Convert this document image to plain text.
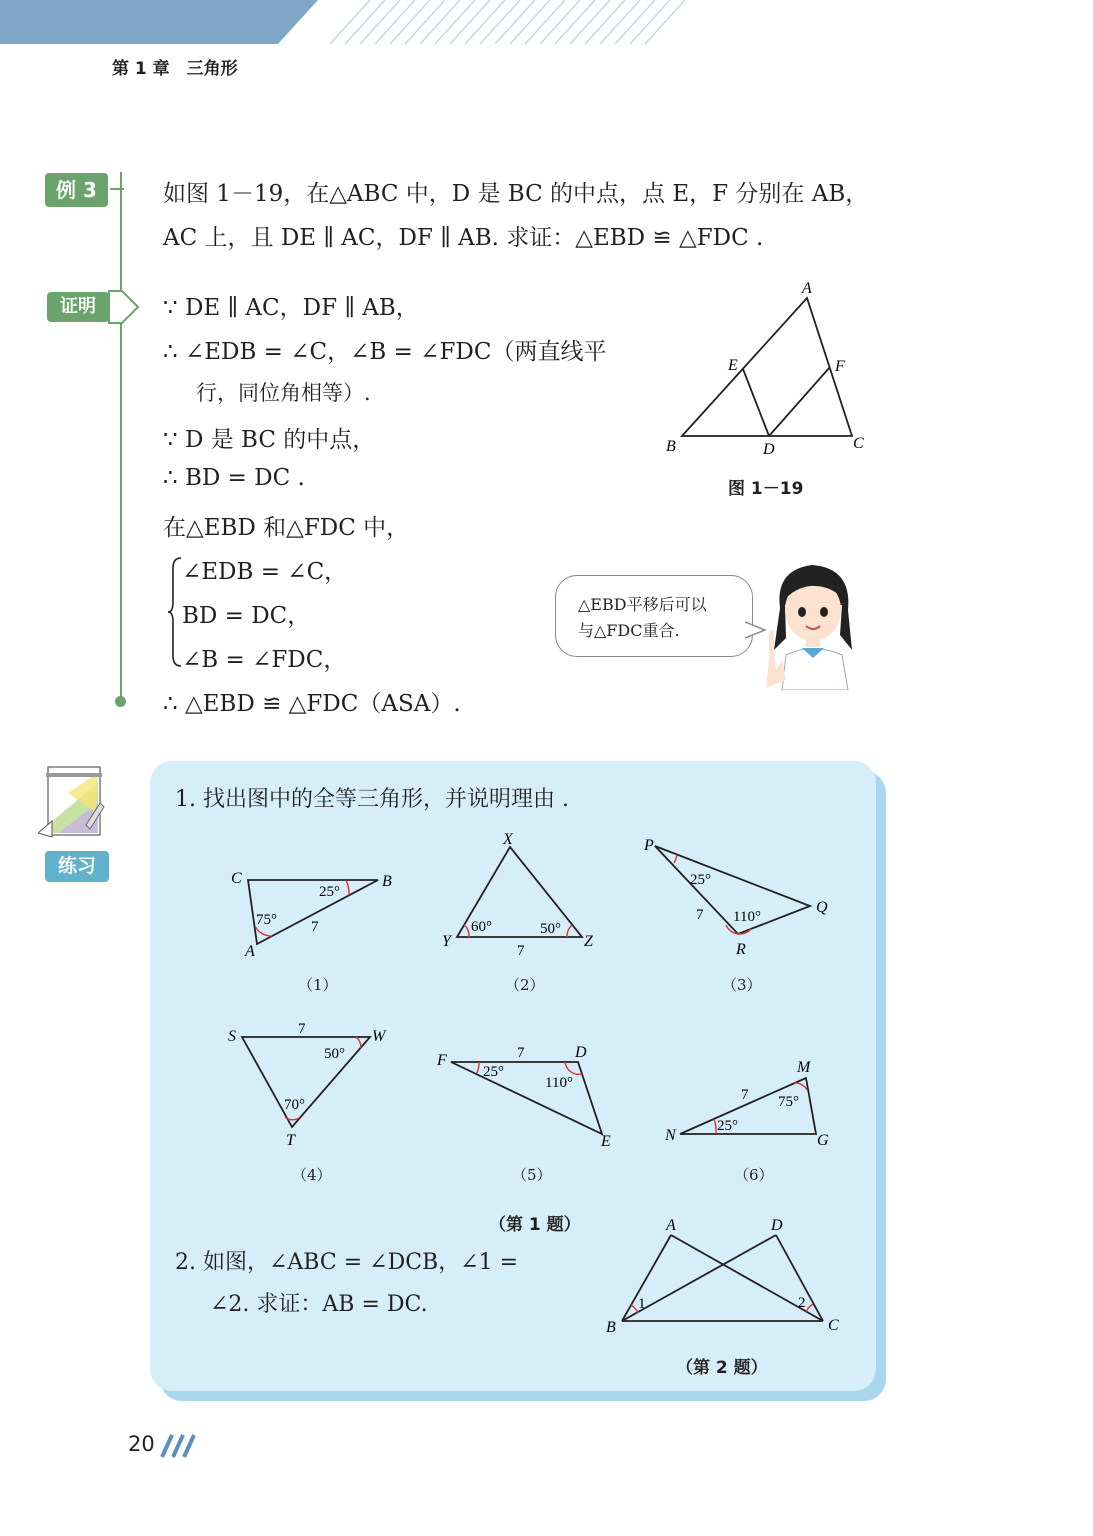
第 1 章　三角形
例 3	如图 1－19，在△ABC 中，D 是 BC 的中点，点 E，F 分别在 AB，
AC 上，且 DE ∥ AC，DF ∥ AB. 求证：△EBD ≌ △FDC .
证明	∵ DE ∥ AC，DF ∥ AB，
∴ ∠EDB = ∠C，∠B = ∠FDC（两直线平
行，同位角相等）.
∵ D 是 BC 的中点，
∴ BD = DC .
在△EBD 和△FDC 中，
∠EDB = ∠C，
BD = DC，
∠B = ∠FDC，
∴ △EBD ≌ △FDC（ASA）.
A
B	C
D
E	F
图 1－19
△EBD平移后可以
与△FDC重合.
练习
1. 找出图中的全等三角形，并说明理由 .
C	B
A
25°
75° 7
（1）
X
Y	Z
60°	50°
7
（2）
P
Q
R
25°
110°
7
（3）
S	W
T
50°
70°
7
（4）
F	D
E
25°
110°
7
（5）
M
N	G
75°
25°
7
（6）
（第 1 题）
2. 如图，∠ABC = ∠DCB，∠1 =
∠2. 求证：AB = DC.
A	D
B	C
1	2
（第 2 题）
20
